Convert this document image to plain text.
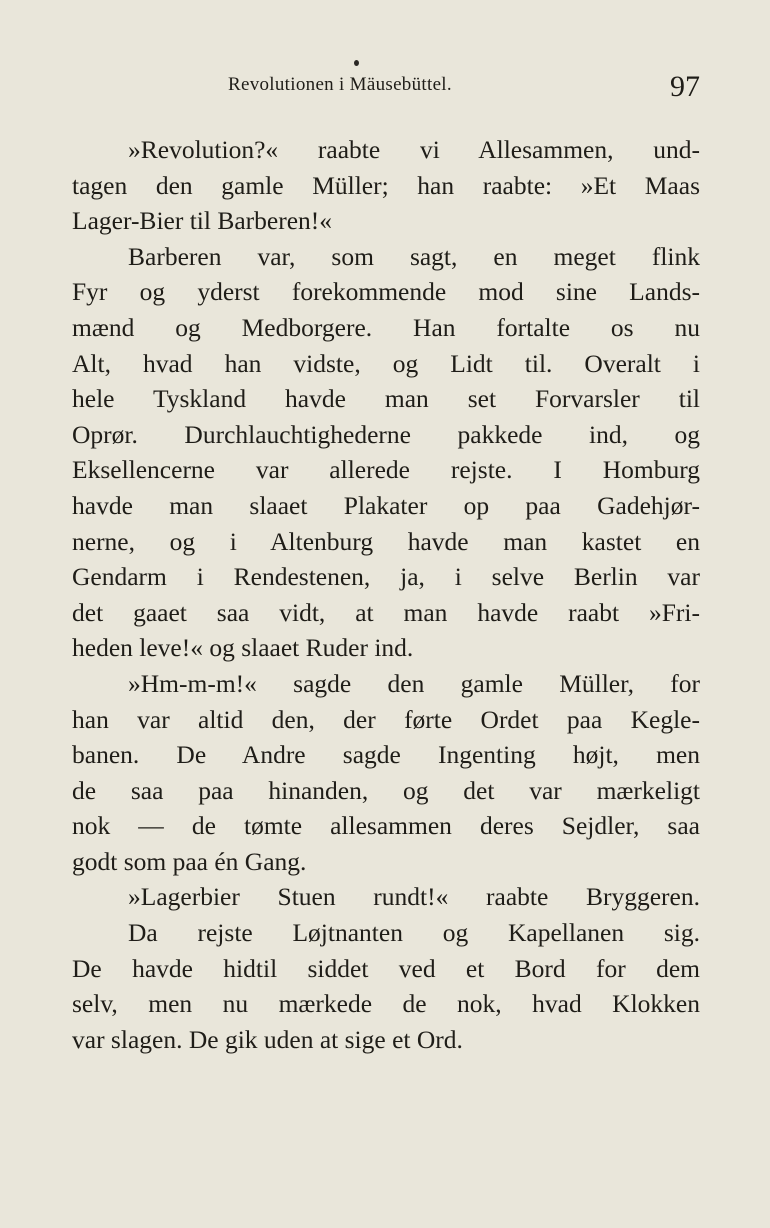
Revolutionen i Mäusebüttel.	97
»Revolution?« raabte vi Allesammen, und-
tagen den gamle Müller; han raabte: »Et Maas
Lager-Bier til Barberen!«
Barberen var, som sagt, en meget flink
Fyr og yderst forekommende mod sine Lands-
mænd og Medborgere. Han fortalte os nu
Alt, hvad han vidste, og Lidt til. Overalt i
hele Tyskland havde man set Forvarsler til
Oprør. Durchlauchtighederne pakkede ind, og
Eksellencerne var allerede rejste. I Homburg
havde man slaaet Plakater op paa Gadehjør-
nerne, og i Altenburg havde man kastet en
Gendarm i Rendestenen, ja, i selve Berlin var
det gaaet saa vidt, at man havde raabt »Fri-
heden leve!« og slaaet Ruder ind.
»Hm-m-m!« sagde den gamle Müller, for
han var altid den, der førte Ordet paa Kegle-
banen. De Andre sagde Ingenting højt, men
de saa paa hinanden, og det var mærkeligt
nok — de tømte allesammen deres Sejdler, saa
godt som paa én Gang.
»Lagerbier Stuen rundt!« raabte Bryggeren.
Da rejste Løjtnanten og Kapellanen sig.
De havde hidtil siddet ved et Bord for dem
selv, men nu mærkede de nok, hvad Klokken
var slagen. De gik uden at sige et Ord.
